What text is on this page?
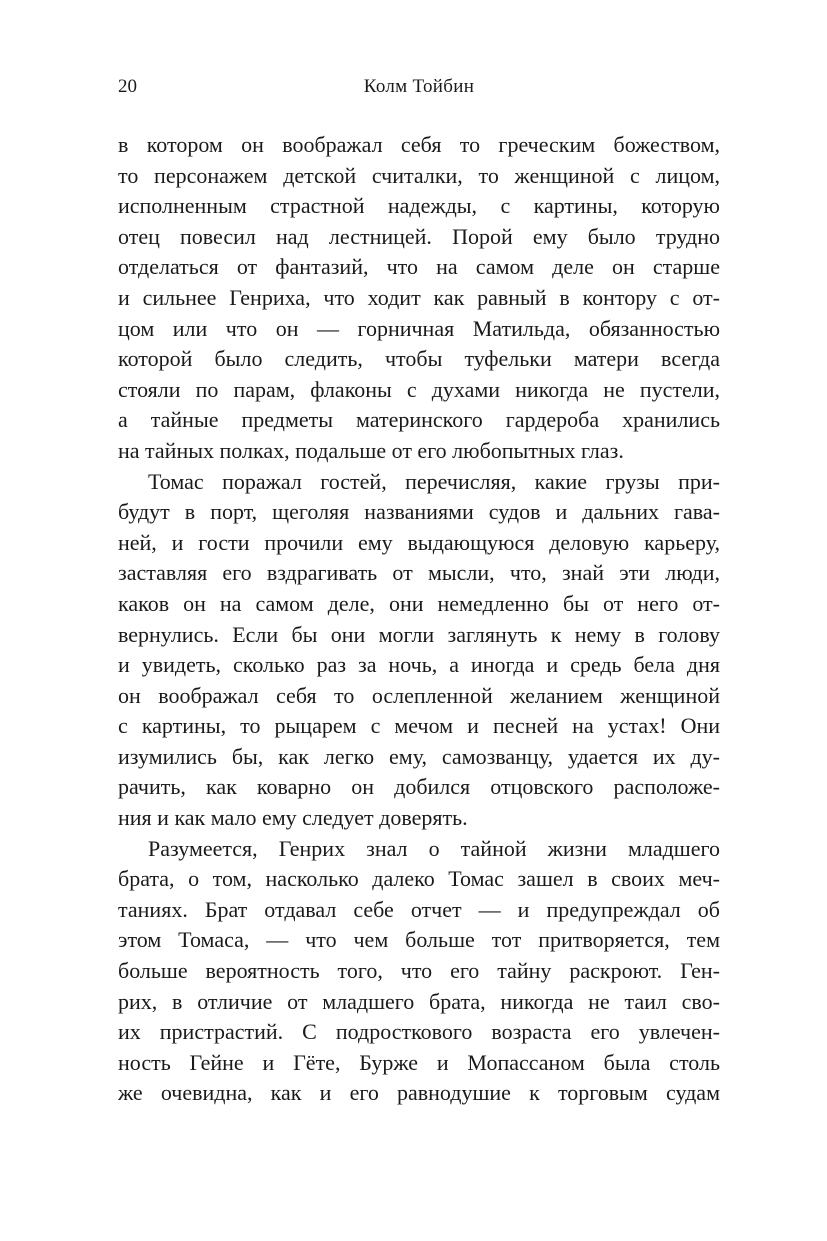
20	Колм Тойбин
в котором он воображал себя то греческим божеством,
то персонажем детской считалки, то женщиной с лицом,
исполненным страстной надежды, с картины, которую
отец повесил над лестницей. Порой ему было трудно
отделаться от фантазий, что на самом деле он старше
и сильнее Генриха, что ходит как равный в контору с от-
цом или что он — горничная Матильда, обязанностью
которой было следить, чтобы туфельки матери всегда
стояли по парам, флаконы с духами никогда не пустели,
а тайные предметы материнского гардероба хранились
на тайных полках, подальше от его любопытных глаз.
Томас поражал гостей, перечисляя, какие грузы при-
будут в порт, щеголяя названиями судов и дальних гава-
ней, и гости прочили ему выдающуюся деловую карьеру,
заставляя его вздрагивать от мысли, что, знай эти люди,
каков он на самом деле, они немедленно бы от него от-
вернулись. Если бы они могли заглянуть к нему в голову
и увидеть, сколько раз за ночь, а иногда и средь бела дня
он воображал себя то ослепленной желанием женщиной
с картины, то рыцарем с мечом и песней на устах! Они
изумились бы, как легко ему, самозванцу, удается их ду-
рачить, как коварно он добился отцовского расположе-
ния и как мало ему следует доверять.
Разумеется, Генрих знал о тайной жизни младшего
брата, о том, насколько далеко Томас зашел в своих меч-
таниях. Брат отдавал себе отчет — и предупреждал об
этом Томаса, — что чем больше тот притворяется, тем
больше вероятность того, что его тайну раскроют. Ген-
рих, в отличие от младшего брата, никогда не таил сво-
их пристрастий. С подросткового возраста его увлечен-
ность Гейне и Гёте, Бурже и Мопассаном была столь
же очевидна, как и его равнодушие к торговым судам
